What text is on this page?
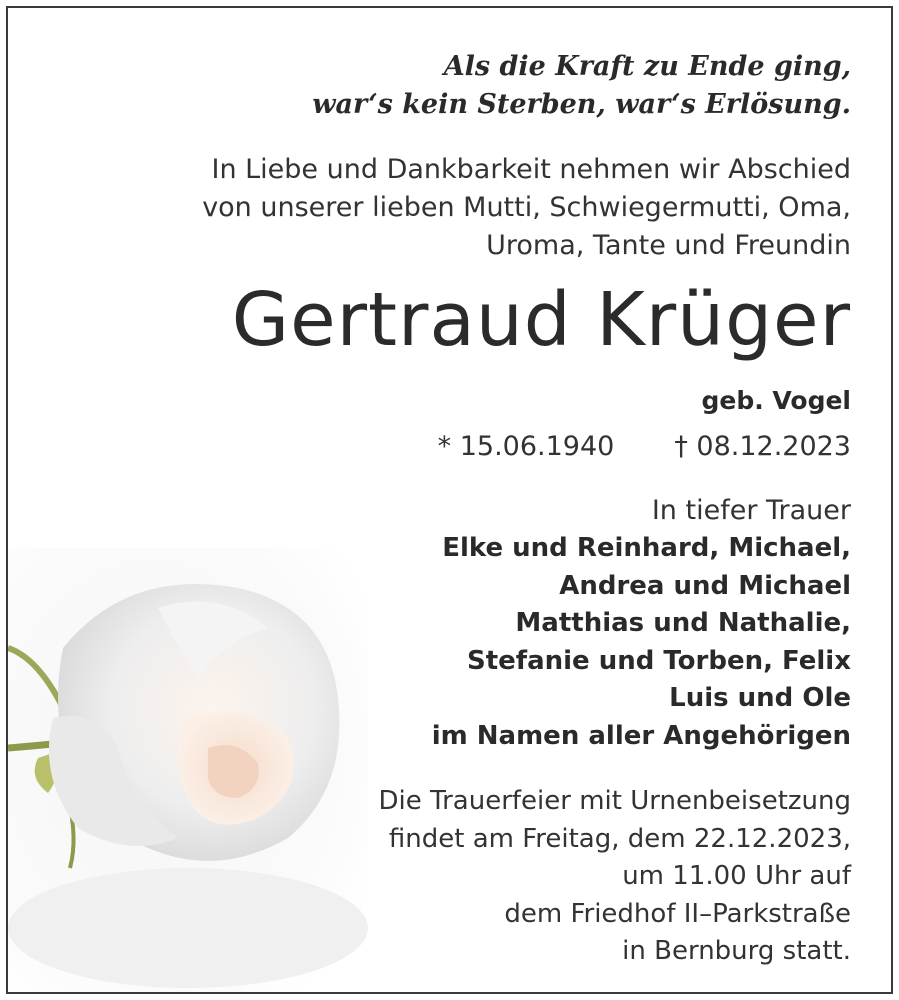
Als die Kraft zu Ende ging,
war‘s kein Sterben, war‘s Erlösung.
In Liebe und Dankbarkeit nehmen wir Abschied
von unserer lieben Mutti, Schwiegermutti, Oma,
Uroma, Tante und Freundin
Gertraud Krüger
geb. Vogel
* 15.06.1940 † 08.12.2023
In tiefer Trauer
Elke und Reinhard, Michael,
Andrea und Michael
Matthias und Nathalie,
Stefanie und Torben, Felix
Luis und Ole
im Namen aller Angehörigen
Die Trauerfeier mit Urnenbeisetzung
findet am Freitag, dem 22.12.2023,
um 11.00 Uhr auf
dem Friedhof II–Parkstraße
in Bernburg statt.
